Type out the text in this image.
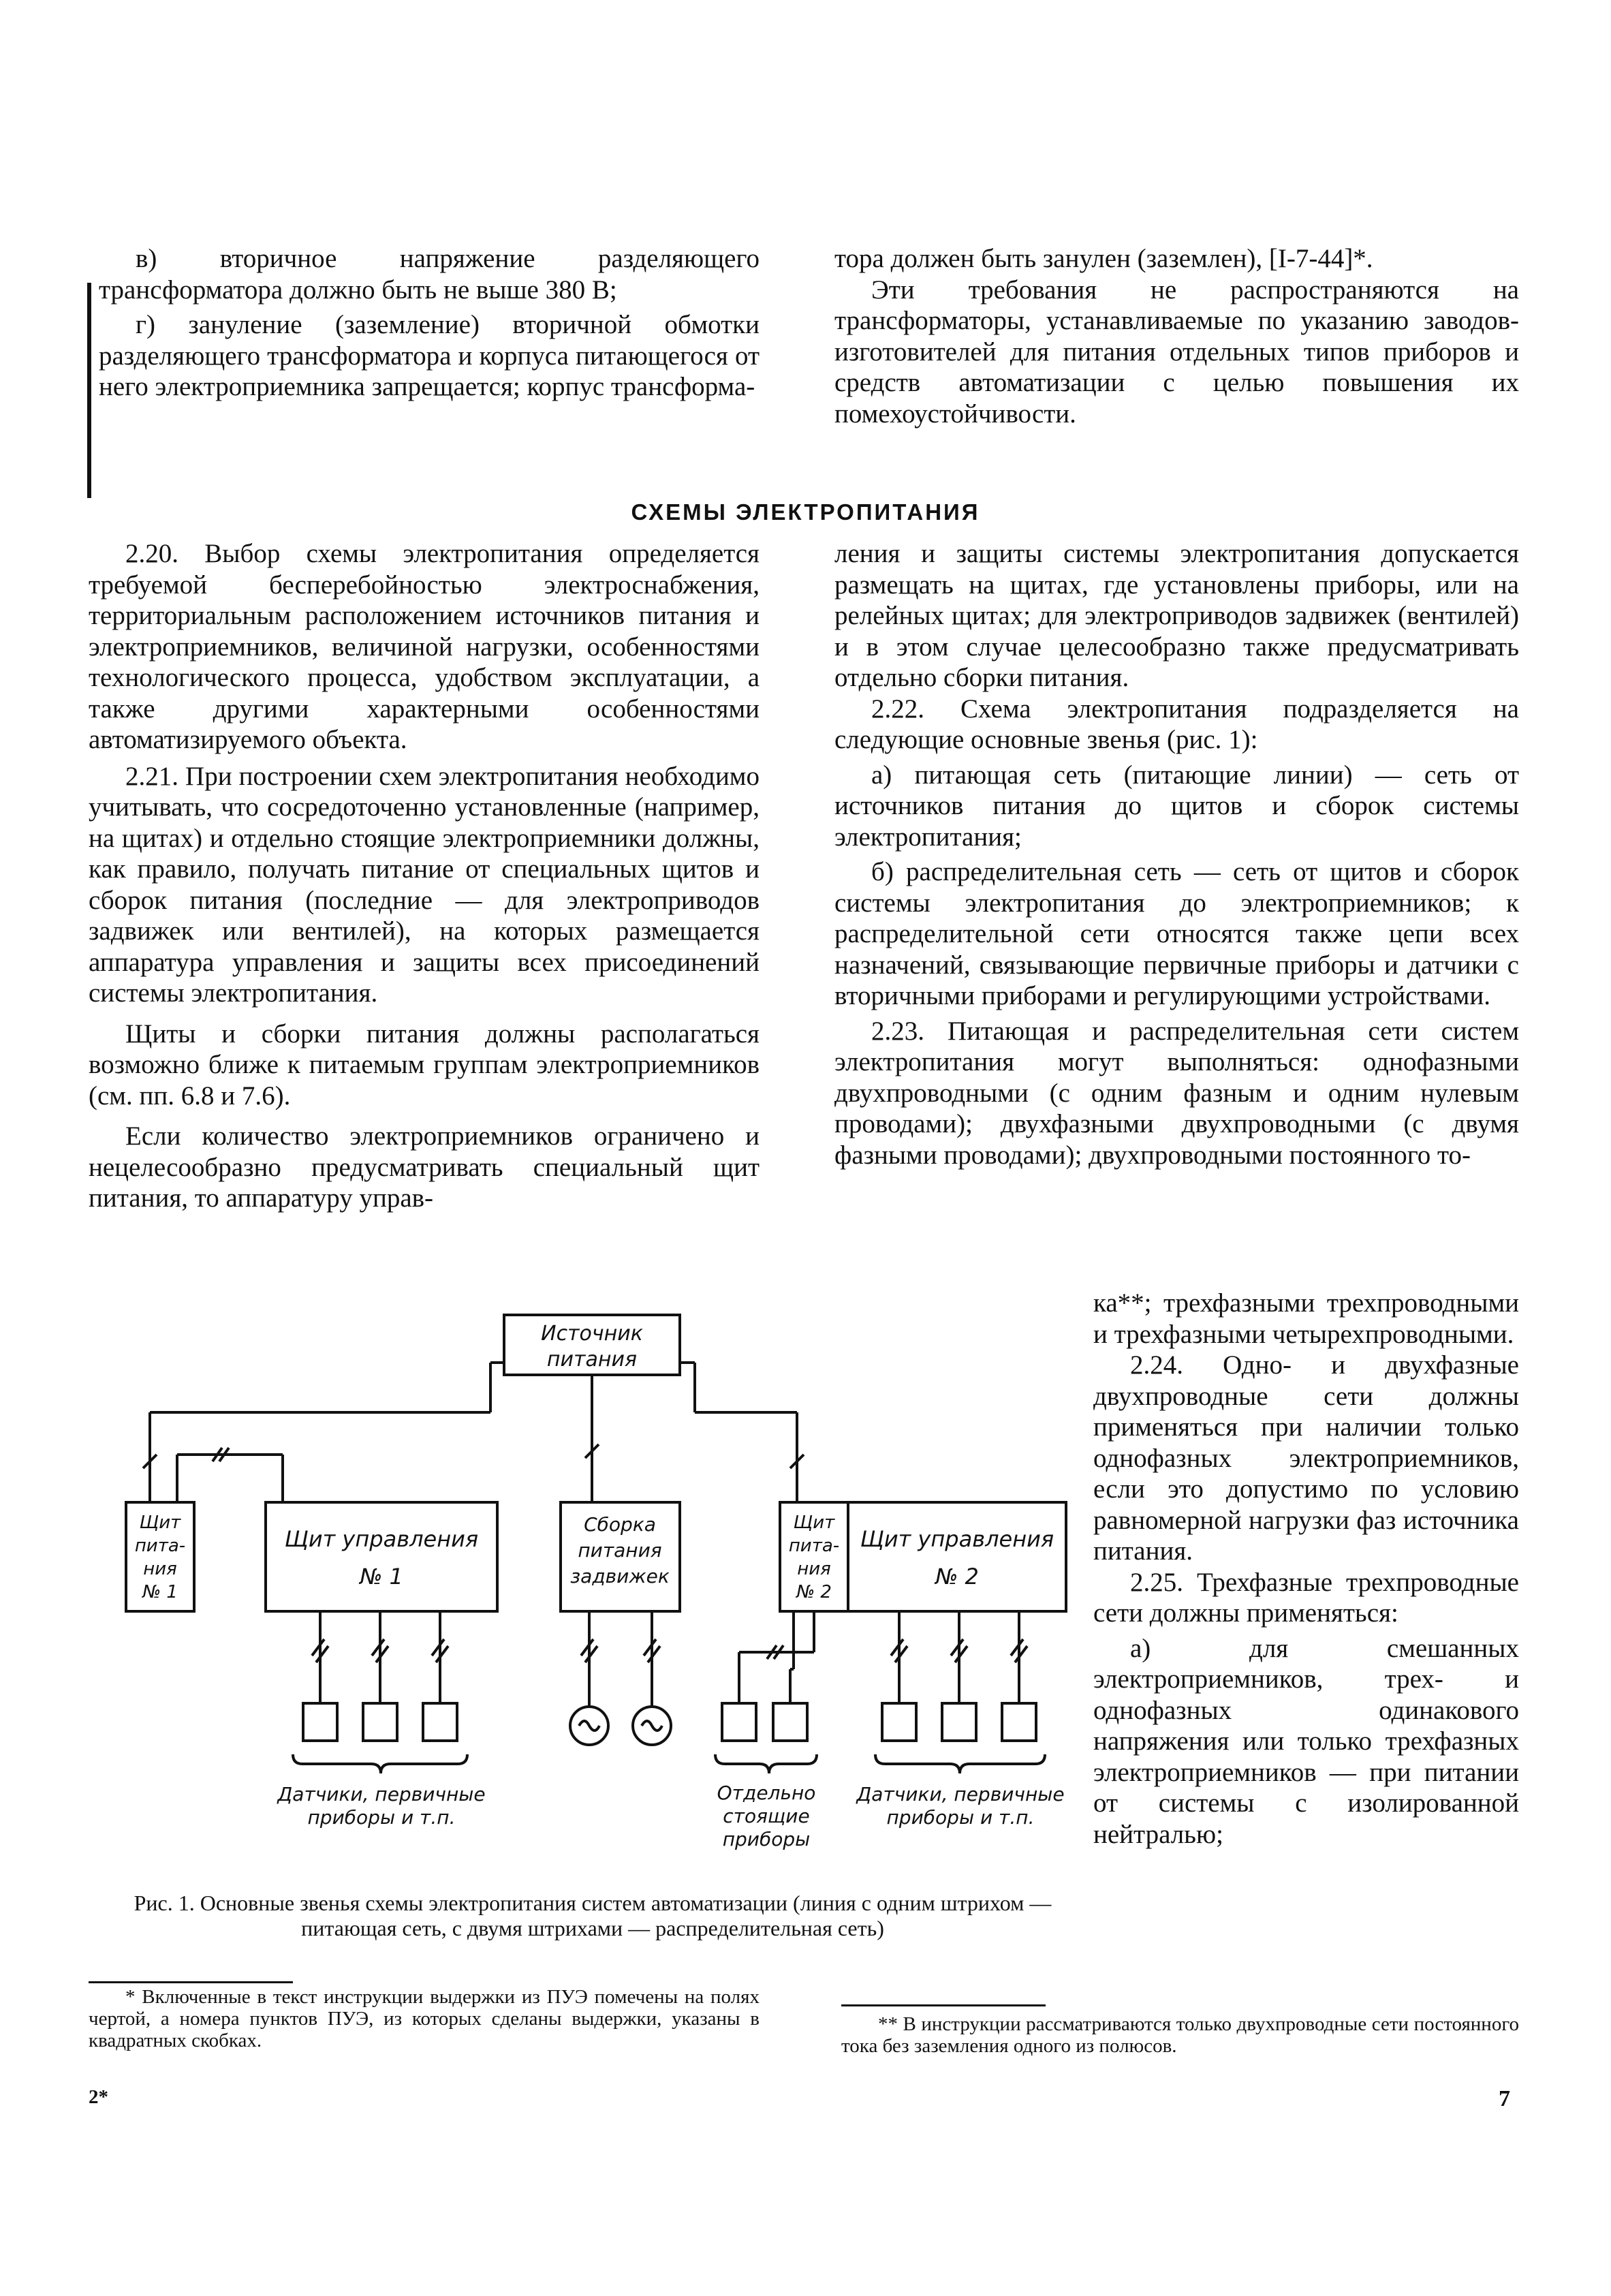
в) вторичное напряжение разделяющего трансформатора должно быть не выше 380 В;

г) зануление (заземление) вторичной обмотки разделяющего трансформатора и корпуса питающегося от него электроприемника запрещается; корпус трансформа-

тора должен быть занулен (заземлен), [I-7-44]*.

Эти требования не распространяются на трансформаторы, устанавливаемые по указанию заводов-изготовителей для питания отдельных типов приборов и средств автоматизации с целью повышения их помехоустойчивости.

СХЕМЫ ЭЛЕКТРОПИТАНИЯ

2.20. Выбор схемы электропитания определяется требуемой бесперебойностью электроснабжения, территориальным расположением источников питания и электроприемников, величиной нагрузки, особенностями технологического процесса, удобством эксплуатации, а также другими характерными особенностями автоматизируемого объекта.

2.21. При построении схем электропитания необходимо учитывать, что сосредоточенно установленные (например, на щитах) и отдельно стоящие электроприемники должны, как правило, получать питание от специальных щитов и сборок питания (последние — для электроприводов задвижек или вентилей), на которых размещается аппаратура управления и защиты всех присоединений системы электропитания.

Щиты и сборки питания должны располагаться возможно ближе к питаемым группам электроприемников (см. пп. 6.8 и 7.6).

Если количество электроприемников ограничено и нецелесообразно предусматривать специальный щит питания, то аппаратуру управ-

ления и защиты системы электропитания допускается размещать на щитах, где установлены приборы, или на релейных щитах; для электроприводов задвижек (вентилей) и в этом случае целесообразно также предусматривать отдельно сборки питания.

2.22. Схема электропитания подразделяется на следующие основные звенья (рис. 1):

а) питающая сеть (питающие линии) — сеть от источников питания до щитов и сборок системы электропитания;

б) распределительная сеть — сеть от щитов и сборок системы электропитания до электроприемников; к распределительной сети относятся также цепи всех назначений, связывающие первичные приборы и датчики с вторичными приборами и регулирующими устройствами.

2.23. Питающая и распределительная сети систем электропитания могут выполняться: однофазными двухпроводными (с одним фазным и одним нулевым проводами); двухфазными двухпроводными (с двумя фазными проводами); двухпроводными постоянного то-

ка**; трехфазными трехпроводными и трехфазными четырехпроводными.

2.24. Одно- и двухфазные двухпроводные сети должны применяться при наличии только однофазных электроприемников, если это допустимо по условию равномерной нагрузки фаз источника питания.

2.25. Трехфазные трехпроводные сети должны применяться:

а) для смешанных электроприемников, трех- и однофазных одинакового напряжения или только трехфазных электроприемников — при питании от системы с изолированной нейтралью;

Источник
питания
Щит
пита-
ния
№ 1
Щит управления
№ 1
Сборка
питания
задвижек
Щит
пита-
ния
№ 2
Щит управления
№ 2
Датчики, первичные
приборы и т.п.
Отдельно
стоящие
приборы
Датчики, первичные
приборы и т.п.
Рис. 1. Основные звенья схемы электропитания систем автоматизации (линия с одним штрихом — питающая сеть, с двумя штрихами — распределительная сеть)

* Включенные в текст инструкции выдержки из ПУЭ помечены на полях чертой, а номера пунктов ПУЭ, из которых сделаны выдержки, указаны в квадратных скобках.

2*

** В инструкции рассматриваются только двухпроводные сети постоянного тока без заземления одного из полюсов.

7
